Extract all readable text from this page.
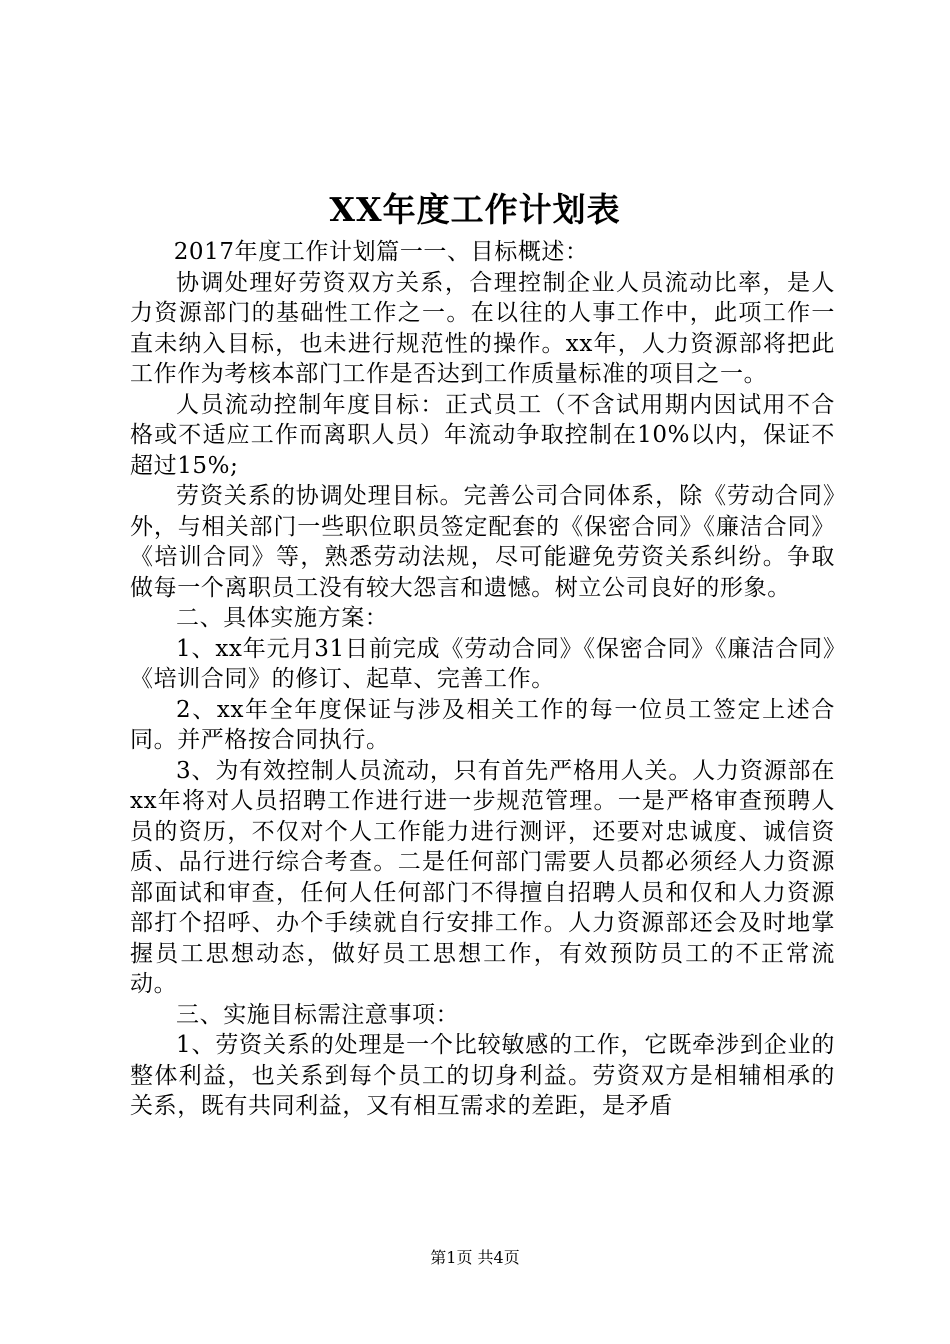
XX年度工作计划表

2017年度工作计划篇一一、目标概述：

协调处理好劳资双方关系，合理控制企业人员流动比率，是人力资源部门的基础性工作之一。在以往的人事工作中，此项工作一直未纳入目标，也未进行规范性的操作。xx年，人力资源部将把此工作作为考核本部门工作是否达到工作质量标准的项目之一。

人员流动控制年度目标：正式员工（不含试用期内因试用不合格或不适应工作而离职人员）年流动争取控制在10%以内，保证不超过15%;

劳资关系的协调处理目标。完善公司合同体系，除《劳动合同》外，与相关部门一些职位职员签定配套的《保密合同》《廉洁合同》《培训合同》等，熟悉劳动法规，尽可能避免劳资关系纠纷。争取做每一个离职员工没有较大怨言和遗憾。树立公司良好的形象。

二、具体实施方案：

1、xx年元月31日前完成《劳动合同》《保密合同》《廉洁合同》《培训合同》的修订、起草、完善工作。

2、xx年全年度保证与涉及相关工作的每一位员工签定上述合同。并严格按合同执行。

3、为有效控制人员流动，只有首先严格用人关。人力资源部在xx年将对人员招聘工作进行进一步规范管理。一是严格审查预聘人员的资历，不仅对个人工作能力进行测评，还要对忠诚度、诚信资质、品行进行综合考查。二是任何部门需要人员都必须经人力资源部面试和审查，任何人任何部门不得擅自招聘人员和仅和人力资源部打个招呼、办个手续就自行安排工作。人力资源部还会及时地掌握员工思想动态，做好员工思想工作，有效预防员工的不正常流动。

三、实施目标需注意事项：

1、劳资关系的处理是一个比较敏感的工作，它既牵涉到企业的整体利益，也关系到每个员工的切身利益。劳资双方是相辅相承的关系，既有共同利益，又有相互需求的差距，是矛盾

第1页 共4页
